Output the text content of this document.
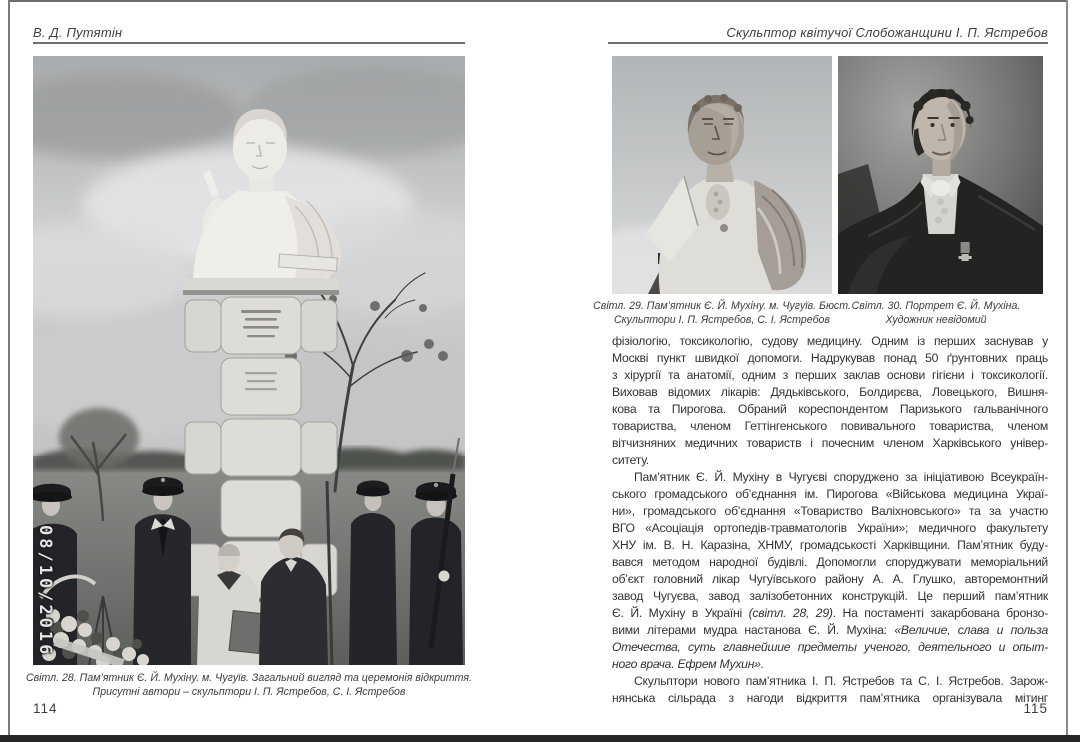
В. Д. Путятін
08/10/2016
Світл. 28. Пам’ятник Є. Й. Мухіну. м. Чугуїв. Загальний вигляд та церемонія відкриття.
Присутні автори – скульптори І. П. Ястребов, С. І. Ястребов
114
Скульптор квітучої Слобожанщини І. П. Ястребов
Світл. 29. Пам’ятник Є. Й. Мухіну. м. Чугуїв. Бюст.
Скульптори І. П. Ястребов, С. І. Ястребов
Світл. 30. Портрет Є. Й. Мухіна.
Художник невідомий
фізіологію, токсикологію, судову медицину. Одним із перших заснував у
Москві пункт швидкої допомоги. Надрукував понад 50 ґрунтовних праць
з хірургії та анатомії, одним з перших заклав основи гігієни і токсикології.
Виховав відомих лікарів: Дядьківського, Болдирєва, Ловецького, Вишня-
кова та Пирогова. Обраний кореспондентом Паризького гальванічного
товариства, членом Геттінгенського повивального товариства, членом
вітчизняних медичних товариств і почесним членом Харківського універ-
ситету.
Пам’ятник Є. Й. Мухіну в Чугуєві споруджено за ініціативою Всеукраїн-
ського громадського об’єднання ім. Пирогова «Військова медицина Украї-
ни», громадського об’єднання «Товариство Валіхновського» та за участю
ВГО «Асоціація ортопедів-травматологів України»; медичного факультету
ХНУ ім. В. Н. Каразіна, ХНМУ, громадськості Харківщини. Пам’ятник буду-
вався методом народної будівлі. Допомогли споруджувати меморіальний
об’єкт головний лікар Чугуївського району А. А. Глушко, авторемонтний
завод Чугуєва, завод залізобетонних конструкцій. Це перший пам’ятник
Є. Й. Мухіну в Україні (світл. 28, 29). На постаменті закарбована бронзо-
вими літерами мудра настанова Є. Й. Мухіна: «Величие, слава и польза
Отечества, суть главнейшие предметы ученого, деятельного и опыт-
ного врача. Ефрем Мухин».
Скульптори нового пам’ятника І. П. Ястребов та С. І. Ястребов. Зарож-
нянська сільрада з нагоди відкриття пам’ятника організувала мітинг
115
